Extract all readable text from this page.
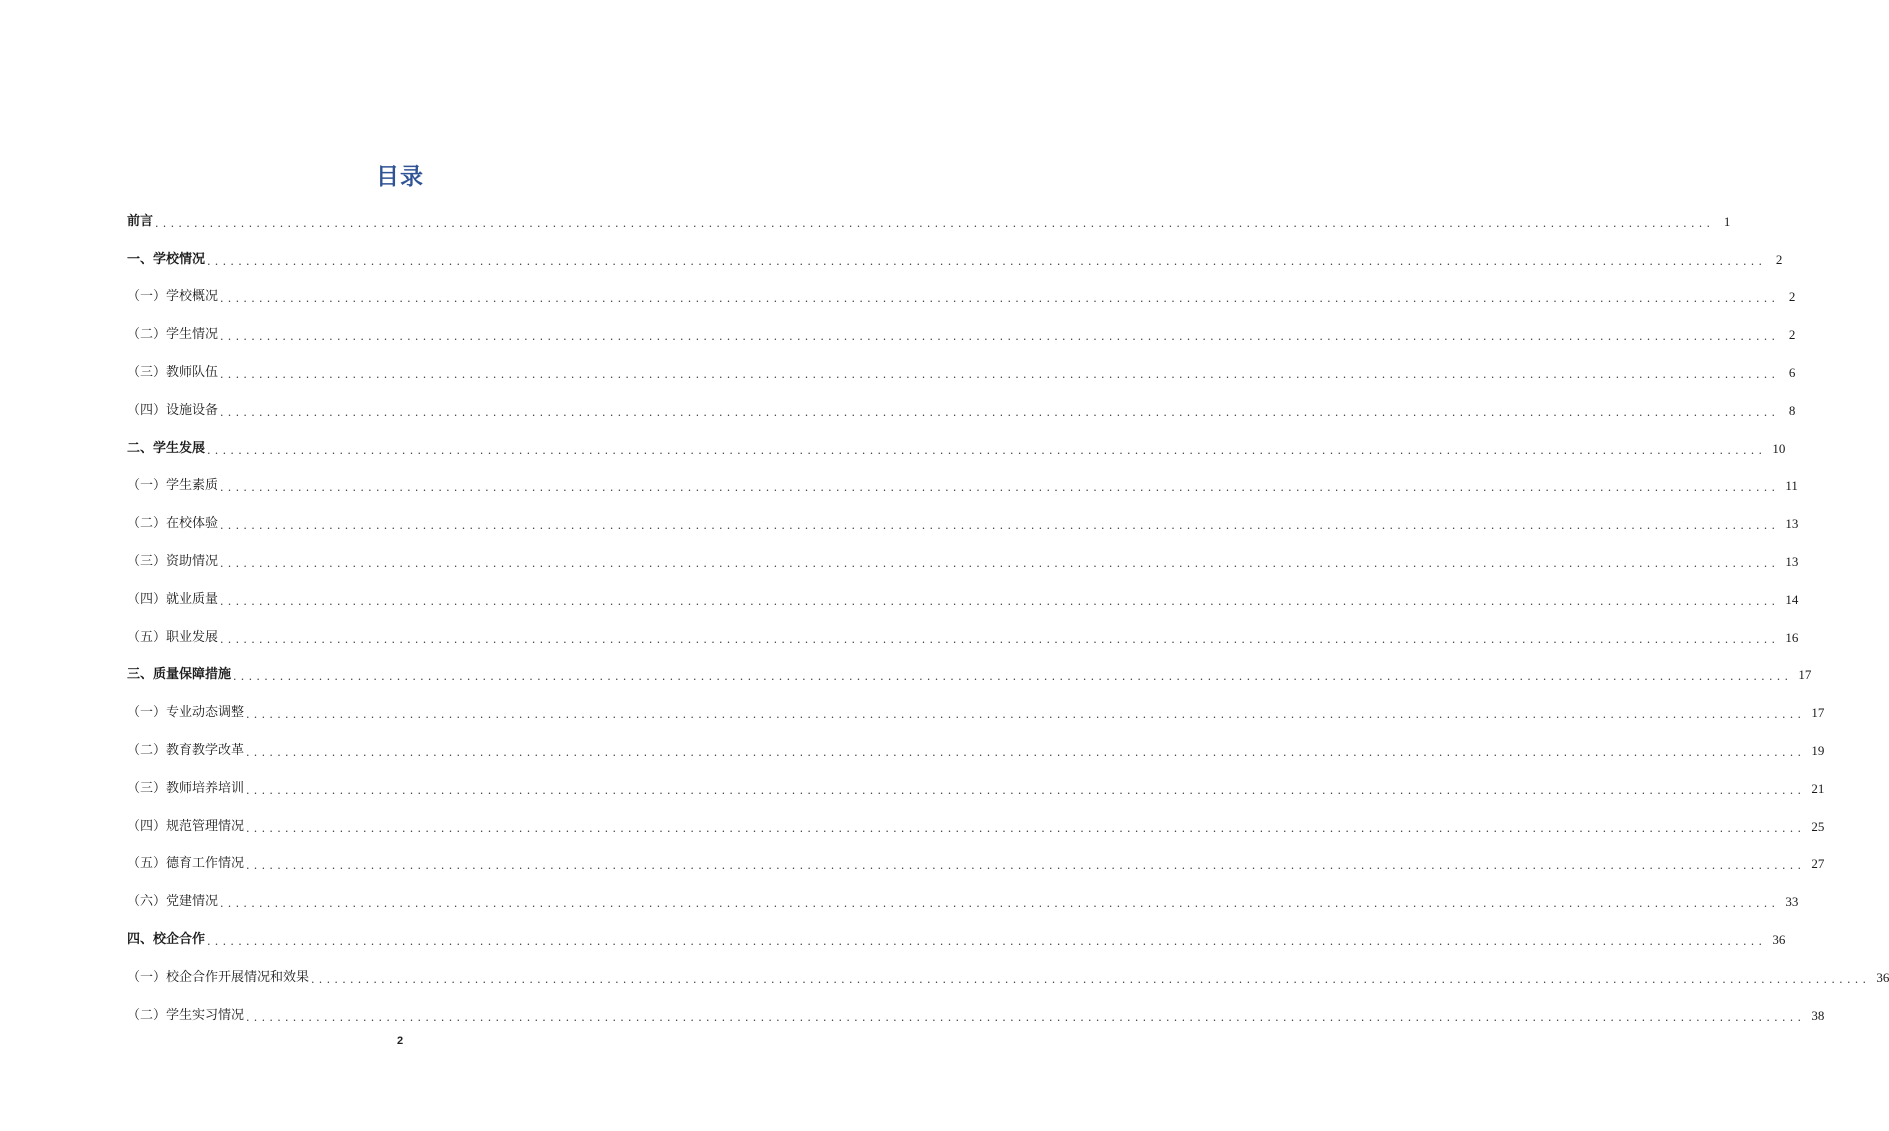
目录
前言 ........................................................................................................................................................................................................ 1
一、学校情况 ........................................................................................................................................................................................................ 2
（一）学校概况 ........................................................................................................................................................................................................ 2
（二）学生情况 ........................................................................................................................................................................................................ 2
（三）教师队伍 ........................................................................................................................................................................................................ 6
（四）设施设备 ........................................................................................................................................................................................................ 8
二、学生发展 ........................................................................................................................................................................................................ 10
（一）学生素质 ........................................................................................................................................................................................................ 11
（二）在校体验 ........................................................................................................................................................................................................ 13
（三）资助情况 ........................................................................................................................................................................................................ 13
（四）就业质量 ........................................................................................................................................................................................................ 14
（五）职业发展 ........................................................................................................................................................................................................ 16
三、质量保障措施 ........................................................................................................................................................................................................ 17
（一）专业动态调整 ........................................................................................................................................................................................................ 17
（二）教育教学改革 ........................................................................................................................................................................................................ 19
（三）教师培养培训 ........................................................................................................................................................................................................ 21
（四）规范管理情况 ........................................................................................................................................................................................................ 25
（五）德育工作情况 ........................................................................................................................................................................................................ 27
（六）党建情况 ........................................................................................................................................................................................................ 33
四、校企合作 ........................................................................................................................................................................................................ 36
（一）校企合作开展情况和效果 ........................................................................................................................................................................................................ 36
（二）学生实习情况 ........................................................................................................................................................................................................ 38
2
